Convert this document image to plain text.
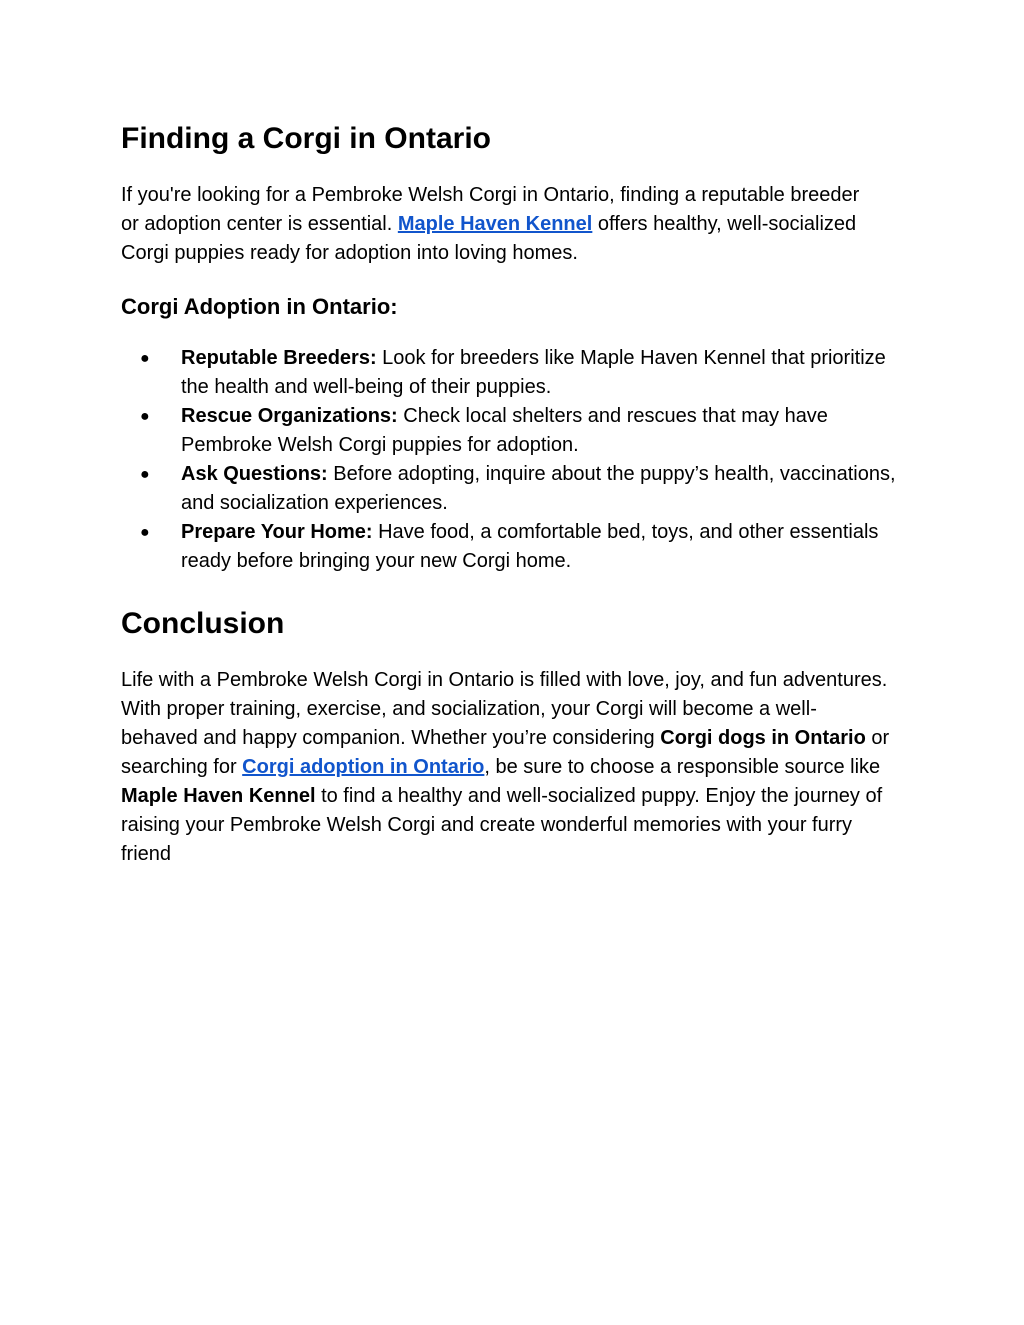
Finding a Corgi in Ontario

If you're looking for a Pembroke Welsh Corgi in Ontario, finding a reputable breeder or adoption center is essential. Maple Haven Kennel offers healthy, well-socialized Corgi puppies ready for adoption into loving homes.

Corgi Adoption in Ontario:
● Reputable Breeders: Look for breeders like Maple Haven Kennel that prioritize the health and well-being of their puppies.
● Rescue Organizations: Check local shelters and rescues that may have Pembroke Welsh Corgi puppies for adoption.
● Ask Questions: Before adopting, inquire about the puppy’s health, vaccinations, and socialization experiences.
● Prepare Your Home: Have food, a comfortable bed, toys, and other essentials ready before bringing your new Corgi home.
Conclusion

Life with a Pembroke Welsh Corgi in Ontario is filled with love, joy, and fun adventures. With proper training, exercise, and socialization, your Corgi will become a well-behaved and happy companion. Whether you’re considering Corgi dogs in Ontario or searching for Corgi adoption in Ontario, be sure to choose a responsible source like Maple Haven Kennel to find a healthy and well-socialized puppy. Enjoy the journey of raising your Pembroke Welsh Corgi and create wonderful memories with your furry friend
